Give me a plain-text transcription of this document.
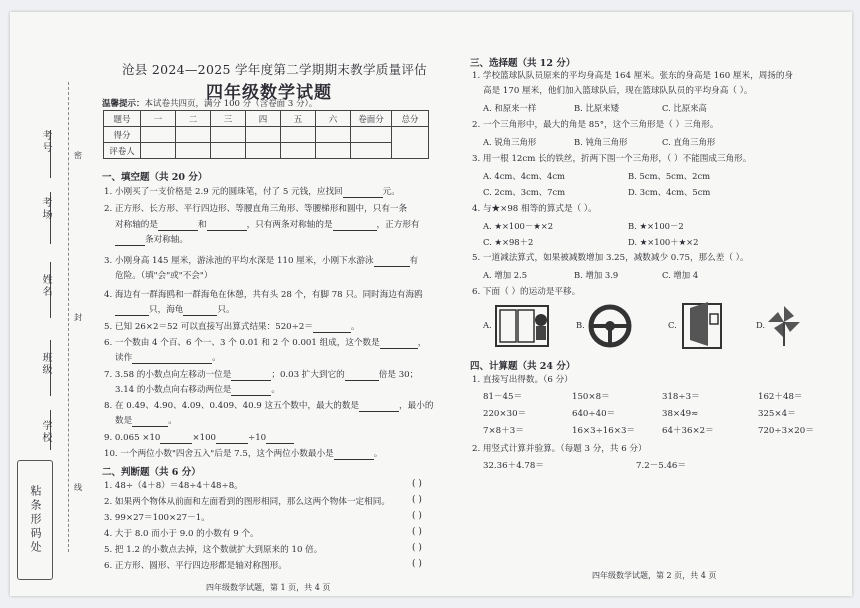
考号
考场
姓名
班级
学校
粘条形码处
密
封
线
沧县 2024—2025 学年度第二学期期末教学质量评估
四年级数学试题
温馨提示：本试卷共四页，满分 100 分（含卷面 3 分）。
题号	一	二	三	四	五	六	卷面分	总分
得分								
评卷人								
一、填空题（共 20 分）
1. 小刚买了一支价格是 2.9 元的圆珠笔，付了 5 元钱，应找回	元。
2. 正方形、长方形、平行四边形、等腰直角三角形、等腰梯形和圆中，只有一条
对称轴的是	和	，只有两条对称轴的是	，正方形有
条对称轴。
3. 小刚身高 145 厘米，游泳池的平均水深是 110 厘米，小刚下水游泳	有
危险。（填"会"或"不会"）
4. 海边有一群海鸥和一群海龟在休憩，共有头 28 个，有脚 78 只。同时海边有海鸥
只，海龟	只。
5. 已知 26×2＝52 可以直接写出算式结果：520÷2＝	。
6. 一个数由 4 个百、6 个一、3 个 0.01 和 2 个 0.001 组成，这个数是	，
读作	。
7. 3.58 的小数点向左移动一位是	；0.03 扩大到它的	倍是 30；
3.14 的小数点向右移动两位是	。
8. 在 0.49、4.90、4.09、0.409、40.9 这五个数中，最大的数是	，最小的
数是	。
9. 0.065 ×10	×100	÷10
10. 一个两位小数"四舍五入"后是 7.5，这个两位小数最小是	。
二、判断题（共 6 分）
1. 48÷（4＋8）＝48÷4＋48÷8。	( )
2. 如果两个物体从前面和左面看到的图形相同，那么这两个物体一定相同。 ( )
3. 99×27＝100×27－1。	( )
4. 大于 8.0 而小于 9.0 的小数有 9 个。	( )
5. 把 1.2 的小数点去掉，这个数就扩大到原来的 10 倍。	( )
6. 正方形、圆形、平行四边形都是轴对称图形。	( )
四年级数学试题，第 1 页，共 4 页
三、选择题（共 12 分）
1. 学校篮球队队员原来的平均身高是 164 厘米。张东的身高是 160 厘米，周扬的身
高是 170 厘米，他们加入篮球队后，现在篮球队队员的平均身高（ ）。
A. 和原来一样	B. 比原来矮	C. 比原来高
2. 一个三角形中，最大的角是 85°，这个三角形是（ ）三角形。
A. 锐角三角形	B. 钝角三角形	C. 直角三角形
3. 用一根 12cm 长的铁丝，折两下围一个三角形，（ ）不能围成三角形。
A. 4cm、4cm、4cm	B. 5cm、5cm、2cm
C. 2cm、3cm、7cm	D. 3cm、4cm、5cm
4. 与★×98 相等的算式是（ ）。
A. ★×100－★×2	B. ★×100－2
C. ★×98＋2	D. ★×100＋★×2
5. 一道减法算式，如果被减数增加 3.25，减数减少 0.75，那么差（ ）。
A. 增加 2.5	B. 增加 3.9	C. 增加 4
6. 下面（ ）的运动是平移。
A.	B.	C.	D.
四、计算题（共 24 分）
1. 直接写出得数。（6 分）
81－45＝	150×8＝	318÷3＝	162＋48＝
220×30＝	640÷40＝	38×49≈	325×4＝
7×8＋3＝	16×3÷16×3＝	64＋36×2＝	720÷3×20＝
2. 用竖式计算并验算。（每题 3 分，共 6 分）
32.36＋4.78＝	7.2－5.46＝
四年级数学试题，第 2 页，共 4 页
